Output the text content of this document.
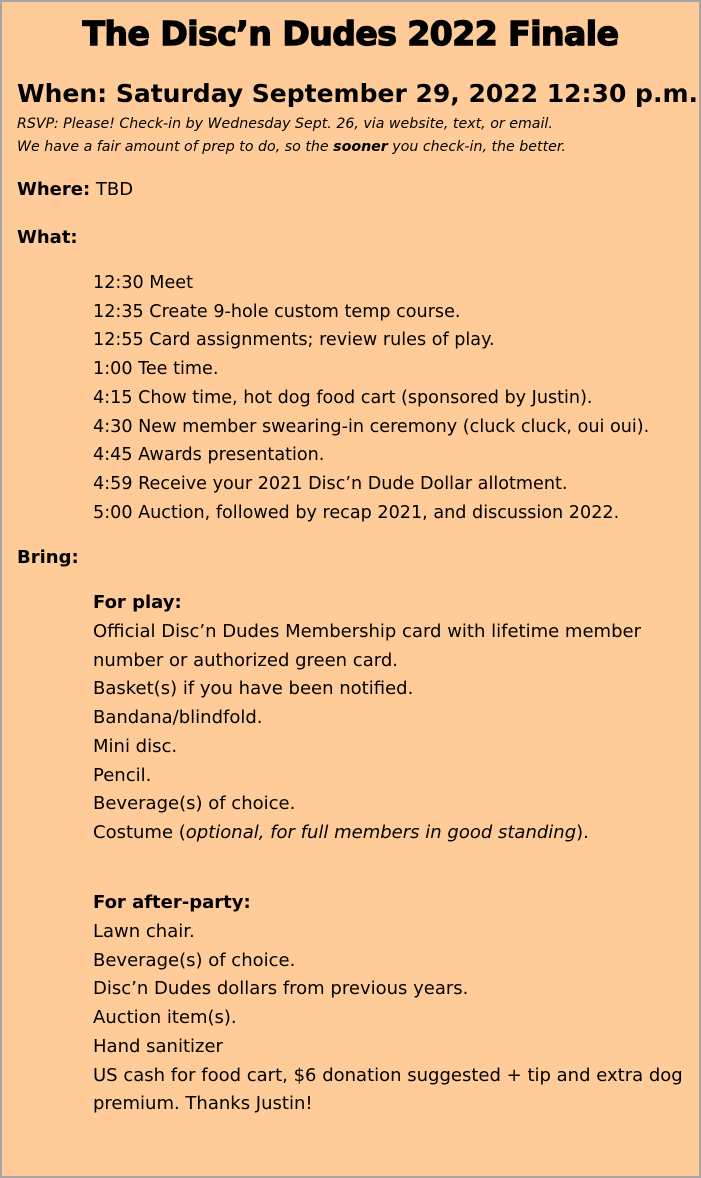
The Disc’n Dudes 2022 Finale
When: Saturday September 29, 2022 12:30 p.m.
RSVP: Please! Check-in by Wednesday Sept. 26, via website, text, or email.
We have a fair amount of prep to do, so the sooner you check-in, the better.
Where: TBD
What:
12:30 Meet
12:35 Create 9-hole custom temp course.
12:55 Card assignments; review rules of play.
1:00 Tee time.
4:15 Chow time, hot dog food cart (sponsored by Justin).
4:30 New member swearing-in ceremony (cluck cluck, oui oui).
4:45 Awards presentation.
4:59 Receive your 2021 Disc’n Dude Dollar allotment.
5:00 Auction, followed by recap 2021, and discussion 2022.
Bring:
For play:
Official Disc’n Dudes Membership card with lifetime member number or authorized green card.
Basket(s) if you have been notified.
Bandana/blindfold.
Mini disc.
Pencil.
Beverage(s) of choice.
Costume (optional, for full members in good standing).
For after-party:
Lawn chair.
Beverage(s) of choice.
Disc’n Dudes dollars from previous years.
Auction item(s).
Hand sanitizer
US cash for food cart, $6 donation suggested + tip and extra dog premium. Thanks Justin!
